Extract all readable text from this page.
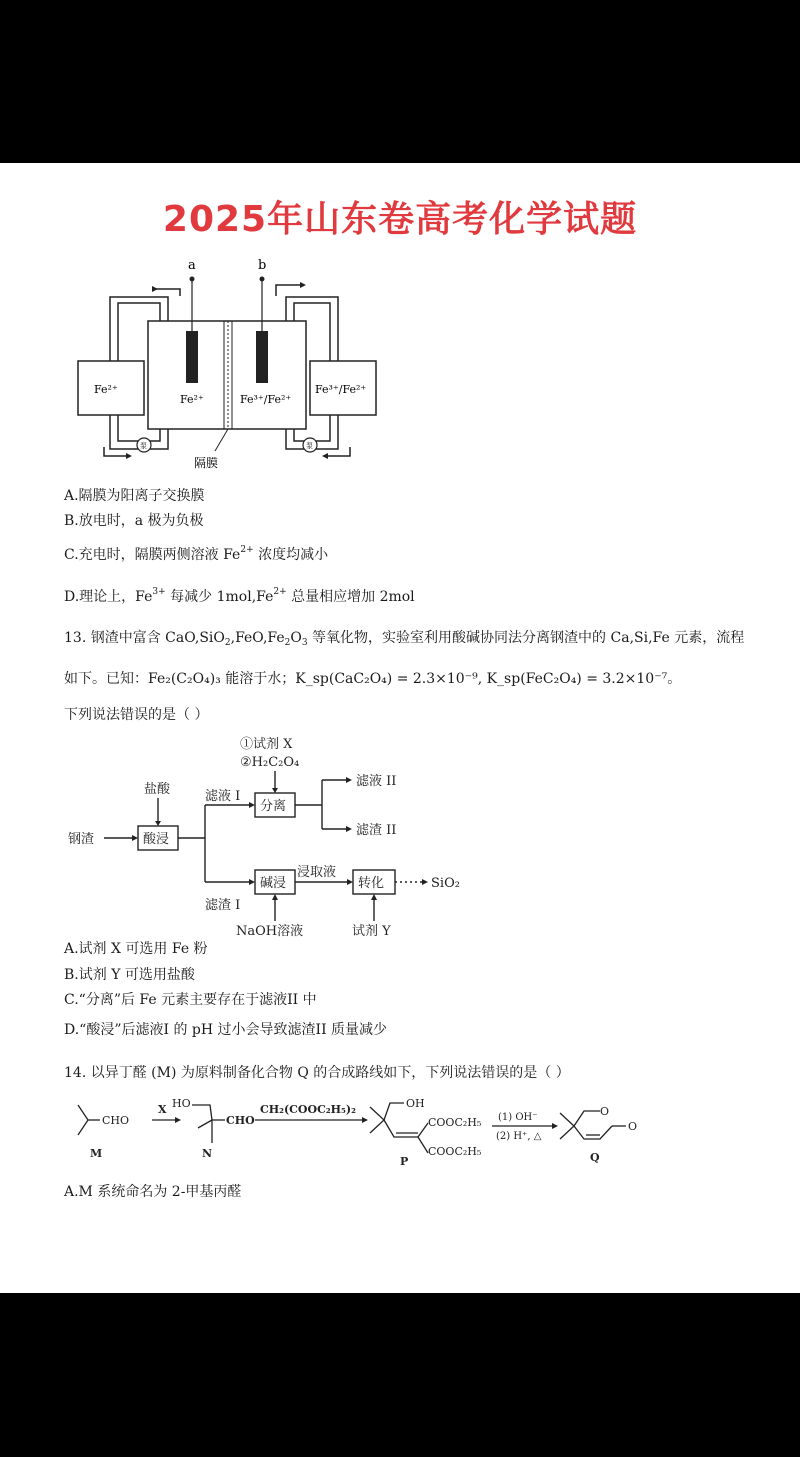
2025年山东卷高考化学试题
a	b
Fe²⁺
Fe²⁺	Fe³⁺/Fe²⁺
Fe³⁺/Fe²⁺
泵	泵
隔膜
A.隔膜为阳离子交换膜
B.放电时，a 极为负极
C.充电时，隔膜两侧溶液 $Fe^{2+}$ 浓度均减小
D.理论上，$Fe^{3+}$ 每减少 $1mol,Fe^{2+}$ 总量相应增加 2mol
13. 钢渣中富含 $CaO,SiO_2,FeO,Fe_2O_3$ 等氧化物，实验室利用酸碱协同法分离钢渣中的 Ca,Si,Fe 元素，流程
如下。已知：Fe₂(C₂O₄)₃ 能溶于水；K_sp(CaC₂O₄) = 2.3×10⁻⁹, K_sp(FeC₂O₄) = 3.2×10⁻⁷。
下列说法错误的是（ ）
钢渣
盐酸
酸浸
滤液 I
滤渣 I
①试剂 X
②H₂C₂O₄
分离
滤液 II
滤渣 II
碱浸
NaOH溶液
浸取液
转化
试剂 Y
SiO₂
A.试剂 X 可选用 Fe 粉
B.试剂 Y 可选用盐酸
C.“分离”后 Fe 元素主要存在于滤液II 中
D.“酸浸”后滤液I 的 pH 过小会导致滤渣II 质量减少
14. 以异丁醛 (M) 为原料制备化合物 Q 的合成路线如下，下列说法错误的是（ ）
CHO
X HO
CHO
CH₂(COOC₂H₅)₂	OH
COOC₂H₅
COOC₂H₅
(1) OH⁻
(2) H⁺, △
O
O
M	N
P	Q
A.M 系统命名为 2-甲基丙醛
